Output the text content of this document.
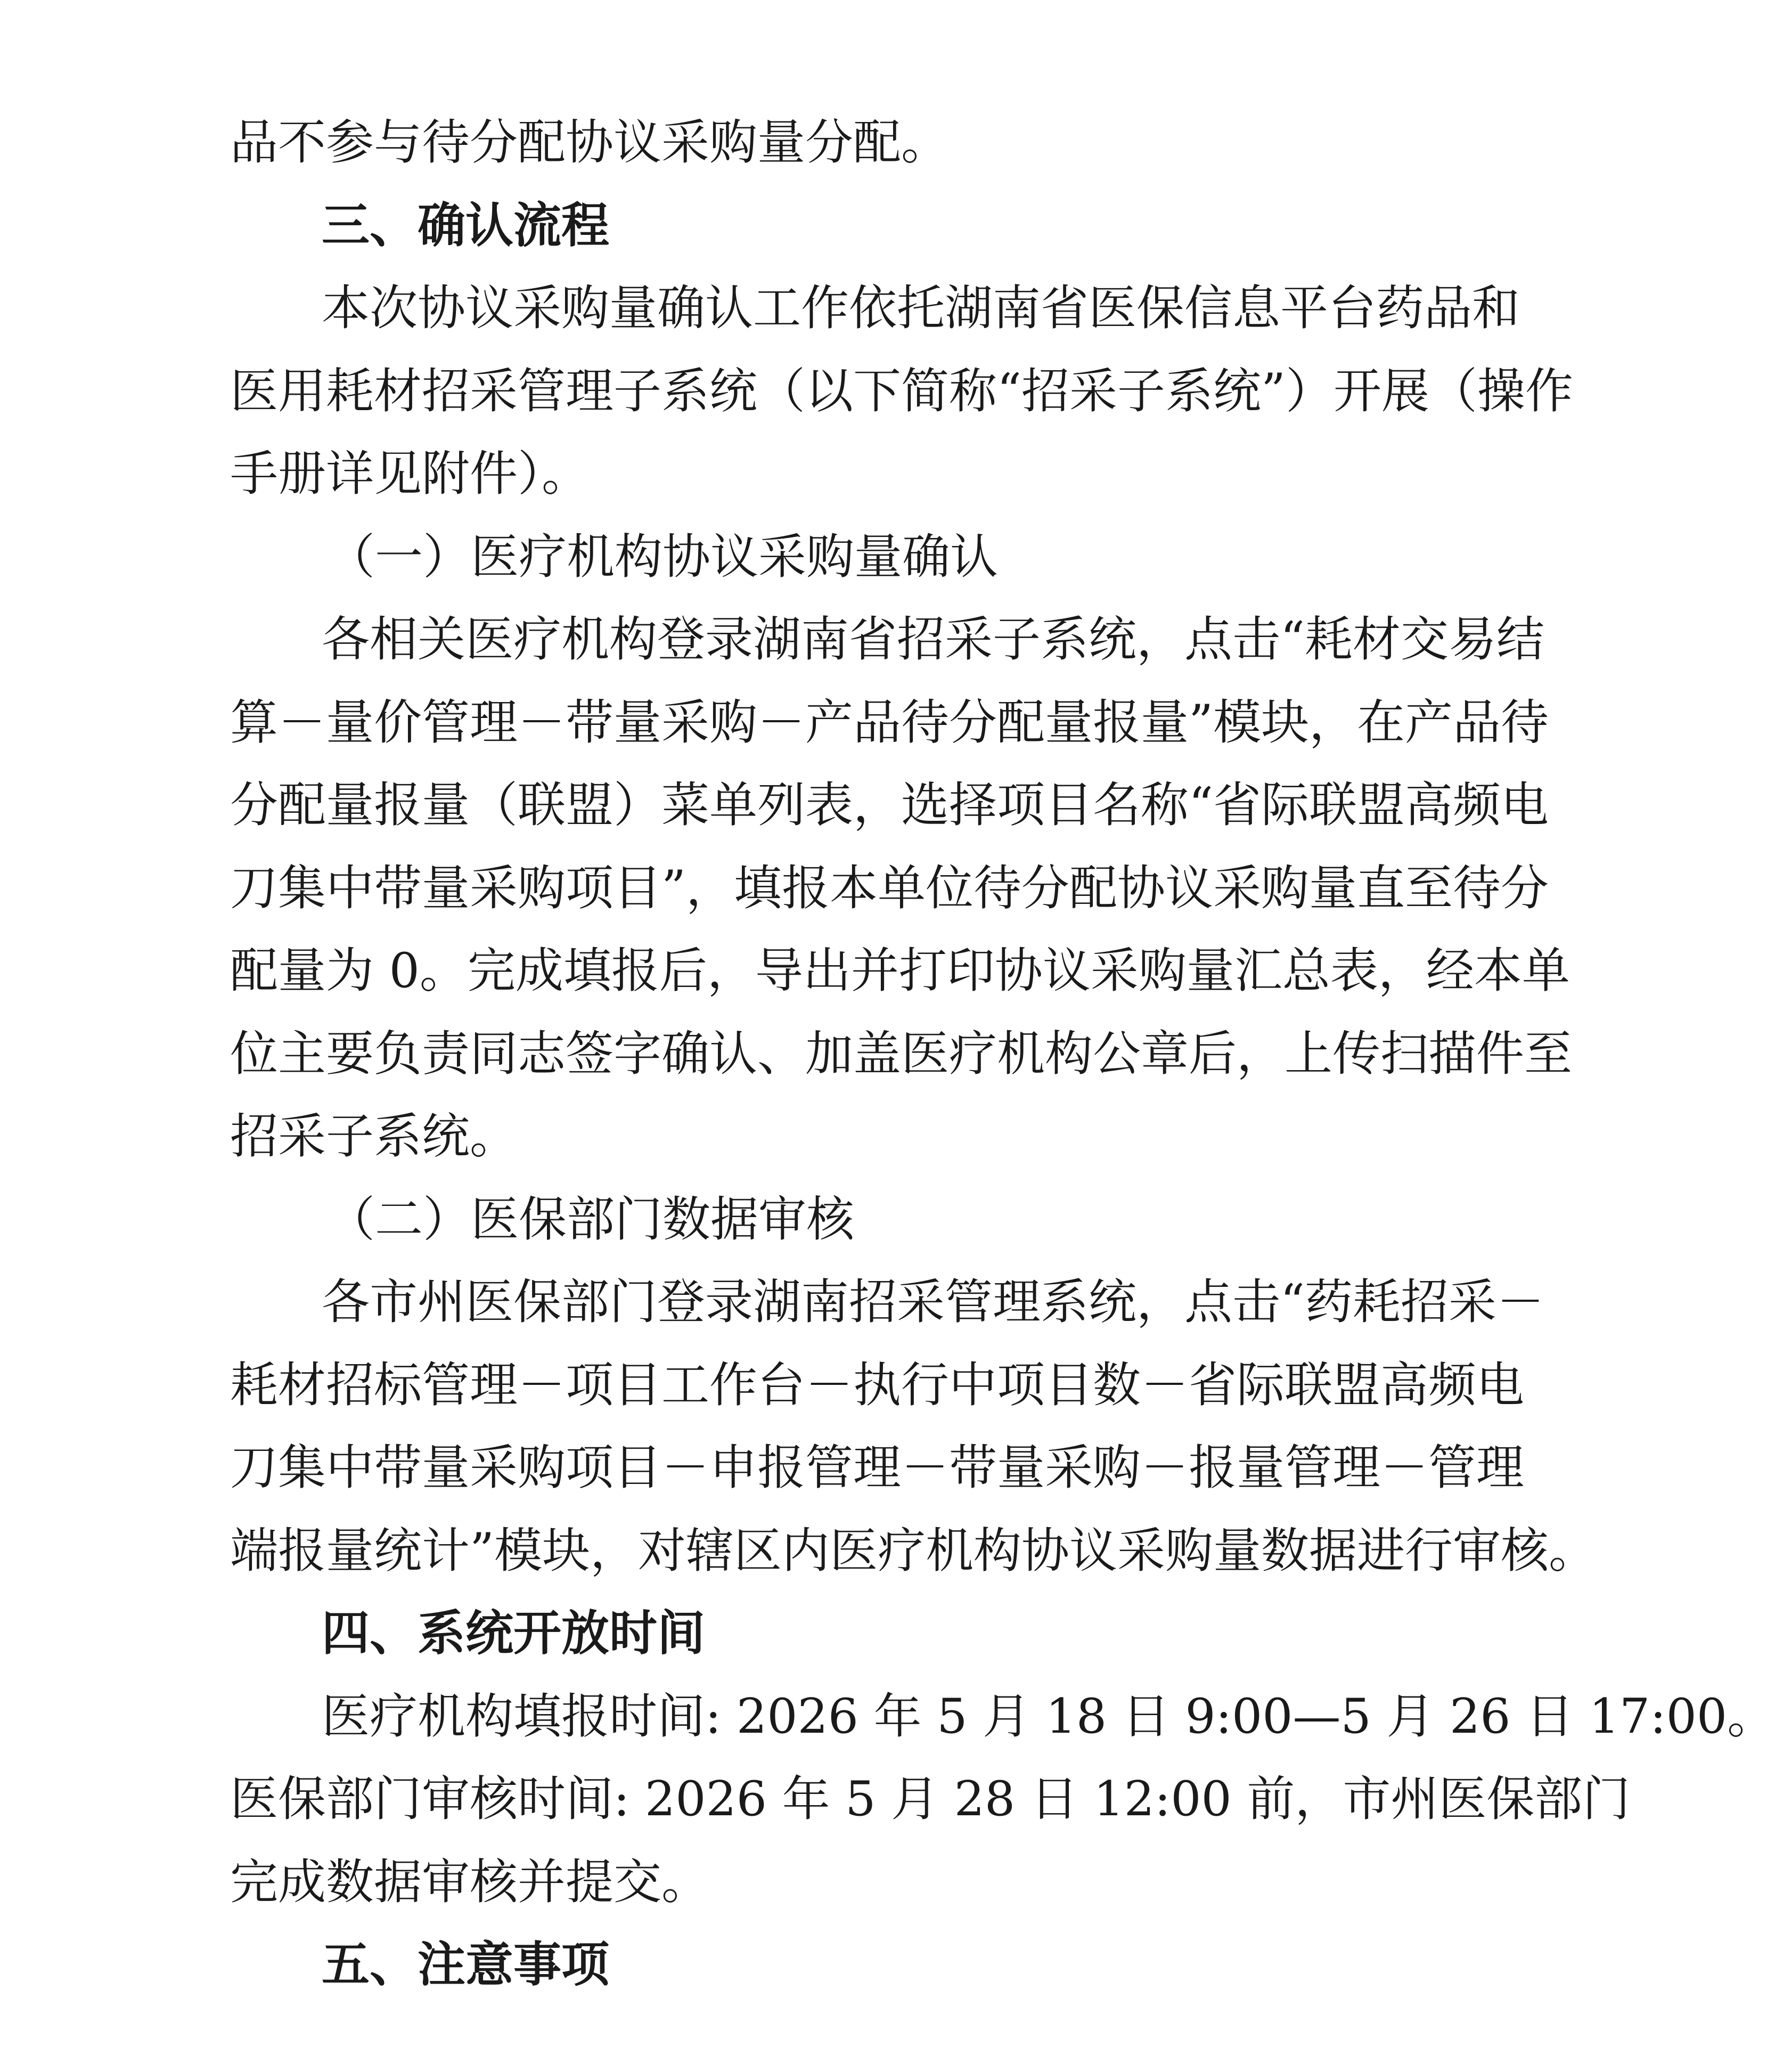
品不参与待分配协议采购量分配。
三、确认流程
本次协议采购量确认工作依托湖南省医保信息平台药品和
医用耗材招采管理子系统（以下简称“招采子系统”）开展（操作
手册详见附件）。
（一）医疗机构协议采购量确认
各相关医疗机构登录湖南省招采子系统，点击“耗材交易结
算－量价管理－带量采购－产品待分配量报量”模块，在产品待
分配量报量（联盟）菜单列表，选择项目名称“省际联盟高频电
刀集中带量采购项目”，填报本单位待分配协议采购量直至待分
配量为 0。完成填报后，导出并打印协议采购量汇总表，经本单
位主要负责同志签字确认、加盖医疗机构公章后，上传扫描件至
招采子系统。
（二）医保部门数据审核
各市州医保部门登录湖南招采管理系统，点击“药耗招采－
耗材招标管理－项目工作台－执行中项目数－省际联盟高频电
刀集中带量采购项目－申报管理－带量采购－报量管理－管理
端报量统计”模块，对辖区内医疗机构协议采购量数据进行审核。
四、系统开放时间
医疗机构填报时间: 2026 年 5 月 18 日 9:00—5 月 26 日 17:00。
医保部门审核时间: 2026 年 5 月 28 日 12:00 前，市州医保部门
完成数据审核并提交。
五、注意事项
